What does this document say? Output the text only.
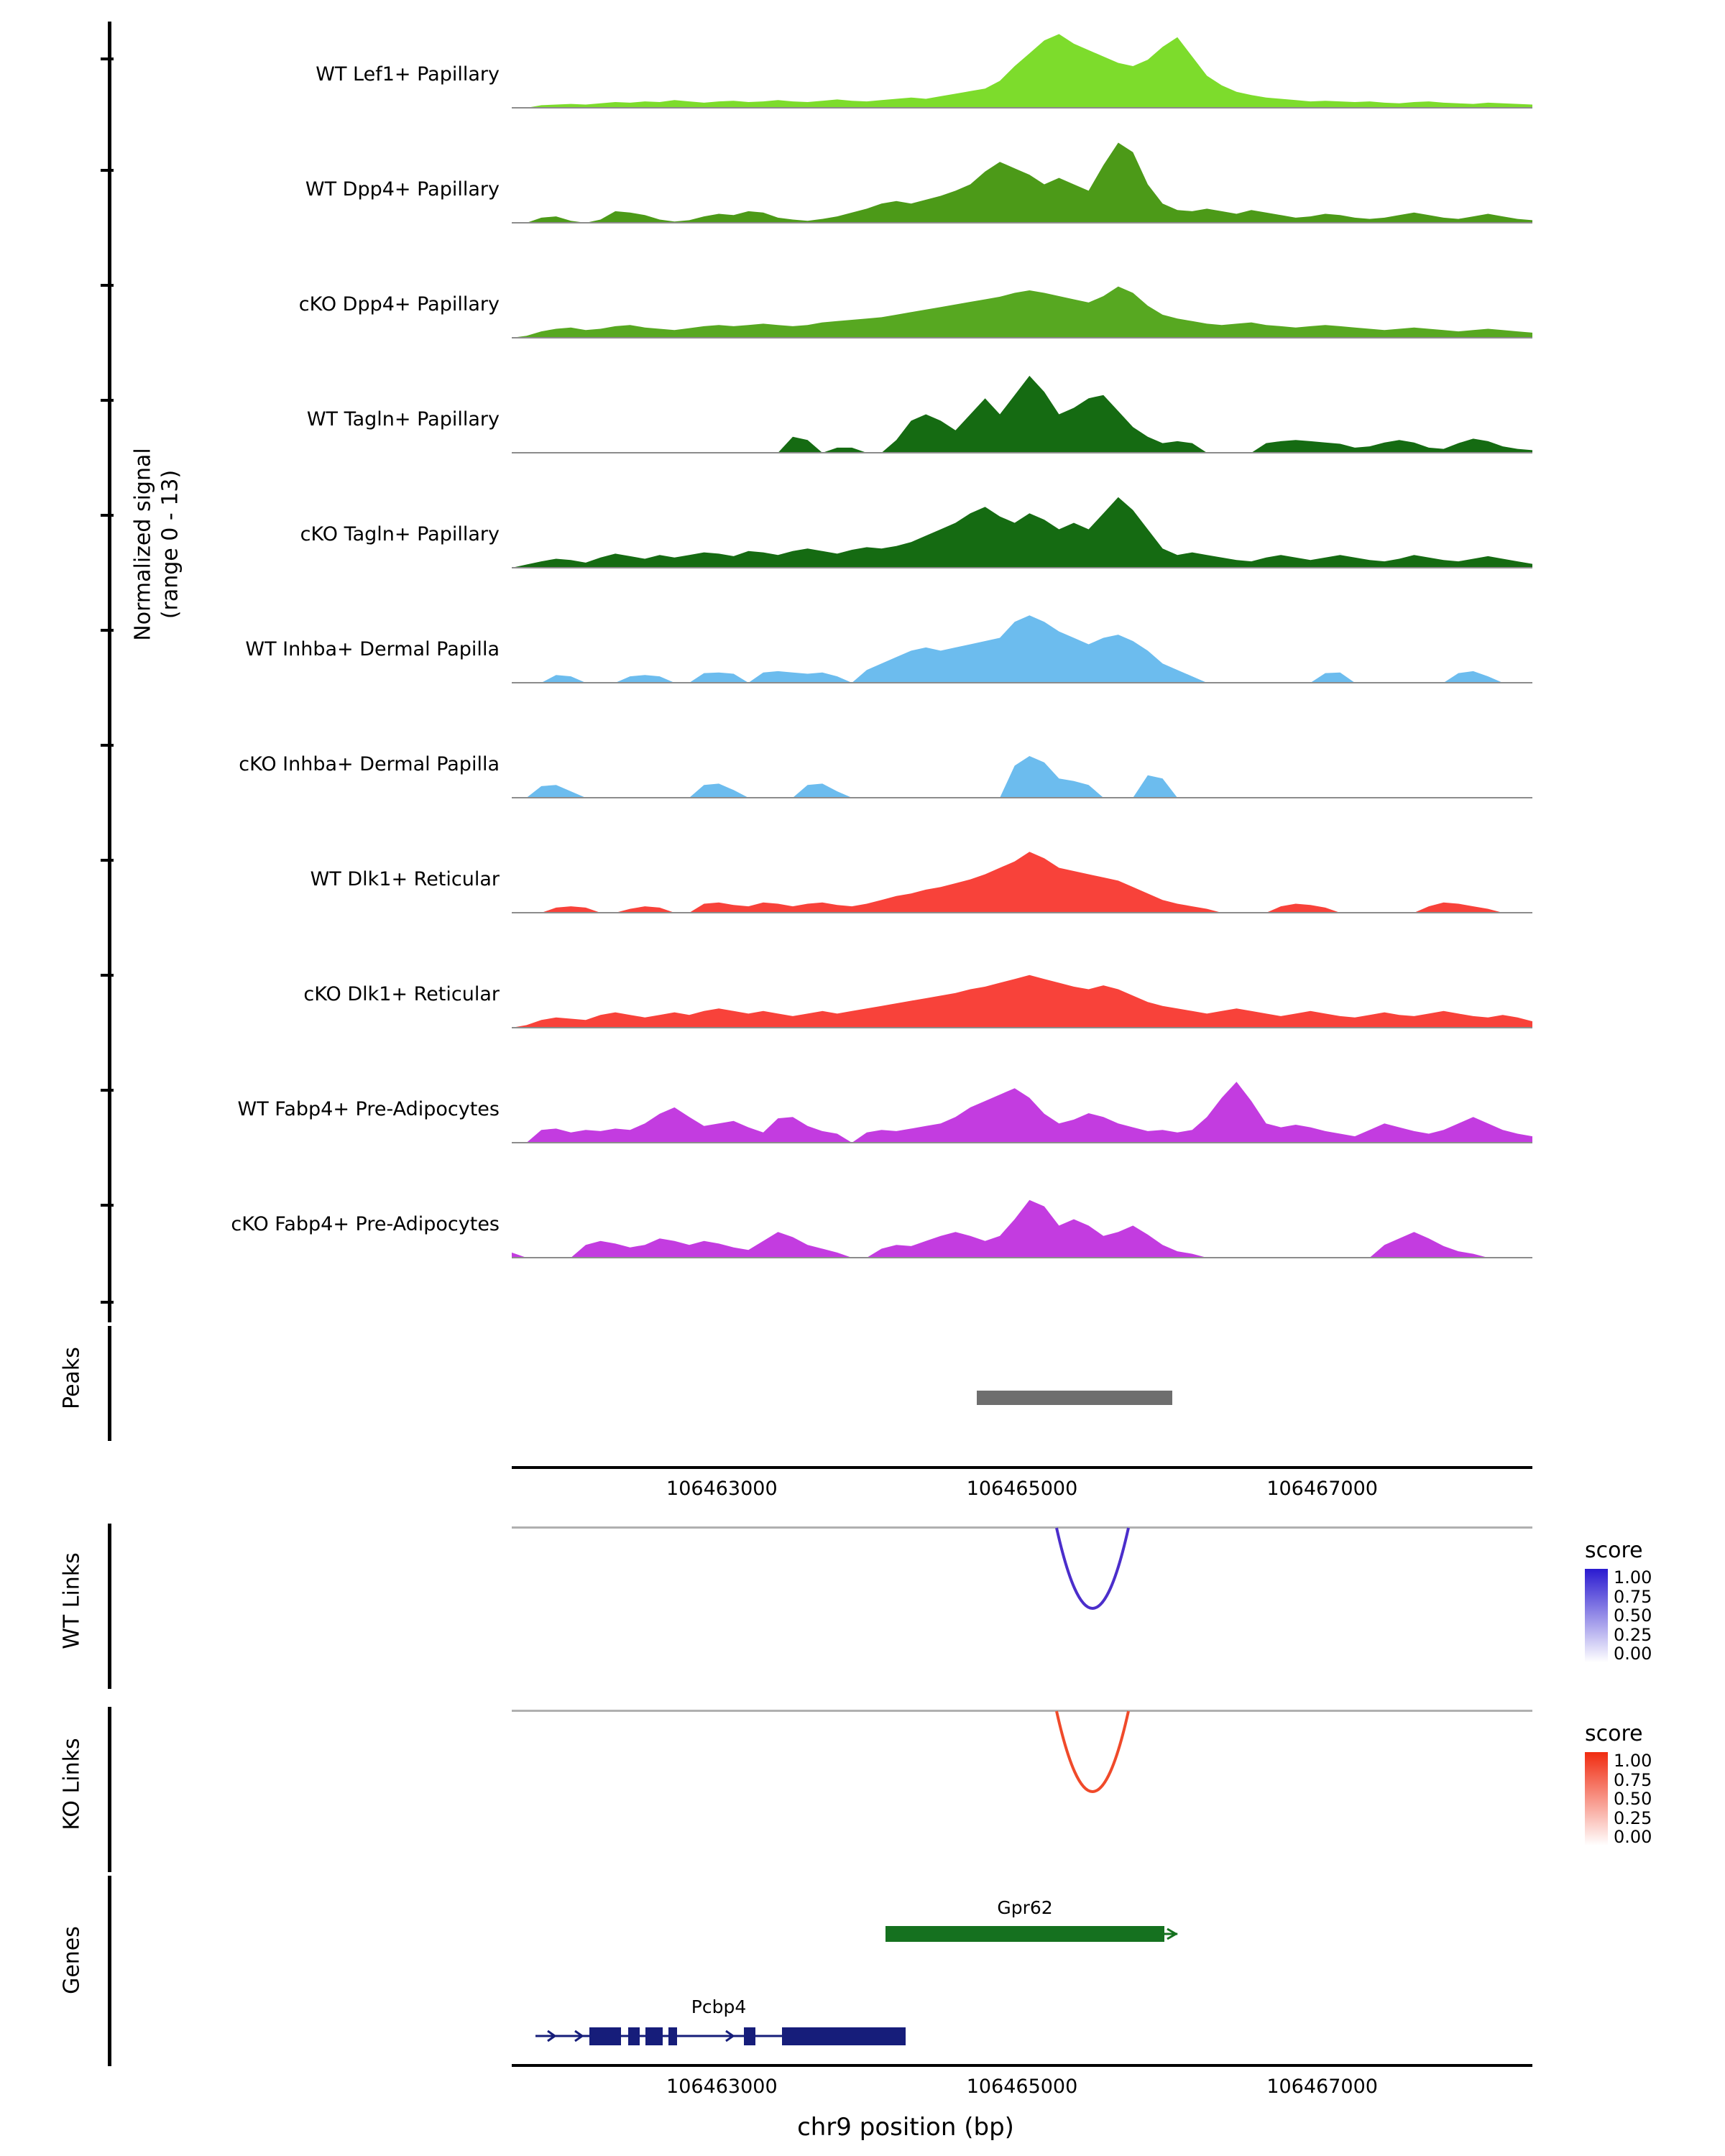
Normalized signal (range 0 - 13)
WT Lef1+ Papillary
WT Dpp4+ Papillary
cKO Dpp4+ Papillary
WT Tagln+ Papillary
cKO Tagln+ Papillary
WT Inhba+ Dermal Papilla
cKO Inhba+ Dermal Papilla
WT Dlk1+ Reticular
cKO Dlk1+ Reticular
WT Fabp4+ Pre-Adipocytes
cKO Fabp4+ Pre-Adipocytes
Peaks
106463000	106465000	106467000
WT Links
score
1.00
0.75
0.50
0.25
0.00
KO Links
score
1.00
0.75
0.50
0.25
0.00
Genes
Gpr62
Pcbp4
106463000	106465000	106467000
chr9 position (bp)
